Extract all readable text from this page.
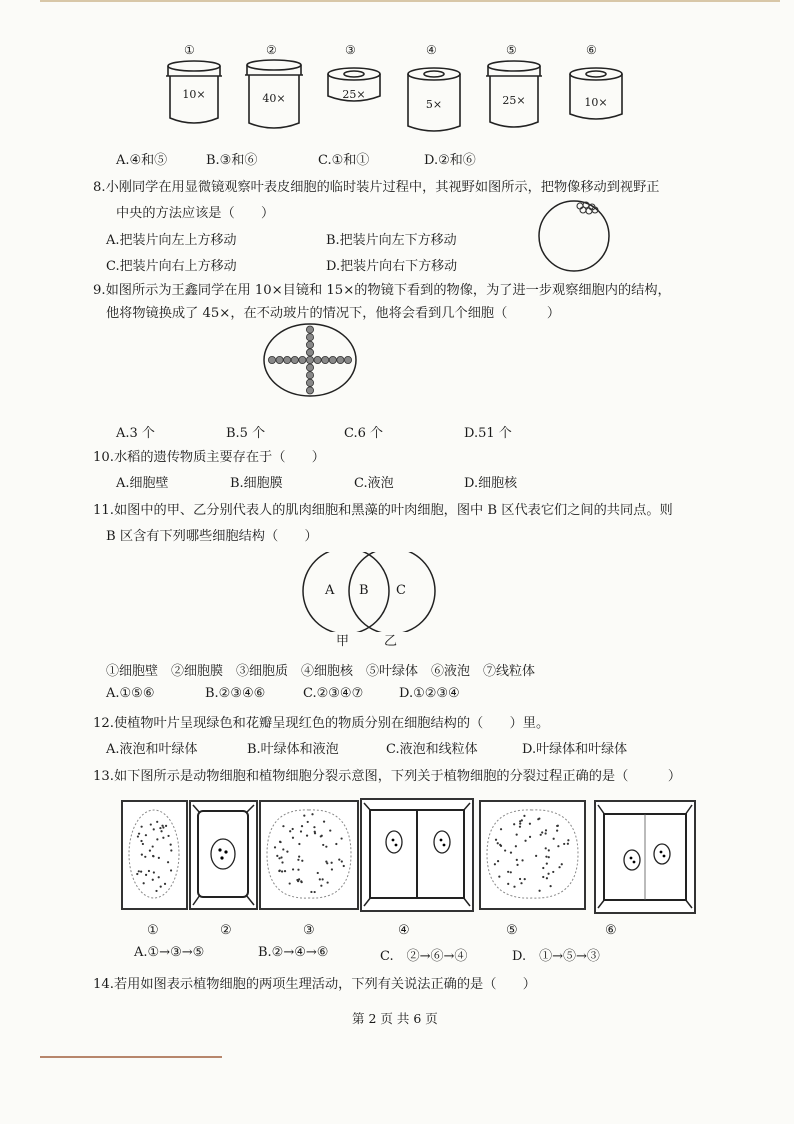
①	②	③	④	⑤	⑥
10×	40×	25×
5×	25×	10×
A.④和⑤	B.③和⑥	C.①和①	D.②和⑥
8.小刚同学在用显微镜观察叶表皮细胞的临时装片过程中，其视野如图所示，把物像移动到视野正
中央的方法应该是（　　）
A.把装片向左上方移动	B.把装片向左下方移动
C.把装片向右上方移动	D.把装片向右下方移动
9.如图所示为王鑫同学在用 10×目镜和 15×的物镜下看到的物像，为了进一步观察细胞内的结构，
他将物镜换成了 45×，在不动玻片的情况下，他将会看到几个细胞（　　　）
A.3 个	B.5 个	C.6 个	D.51 个
10.水稻的遗传物质主要存在于（　　）
A.细胞壁	B.细胞膜	C.液泡	D.细胞核
11.如图中的甲、乙分别代表人的肌肉细胞和黑藻的叶肉细胞，图中 B 区代表它们之间的共同点。则
B 区含有下列哪些细胞结构（　　）
A B C
甲	乙
①细胞壁　②细胞膜　③细胞质　④细胞核　⑤叶绿体　⑥液泡　⑦线粒体
A.①⑤⑥	B.②③④⑥	C.②③④⑦	D.①②③④
12.使植物叶片呈现绿色和花瓣呈现红色的物质分别在细胞结构的（　　）里。
A.液泡和叶绿体	B.叶绿体和液泡	C.液泡和线粒体	D.叶绿体和叶绿体
13.如下图所示是动物细胞和植物细胞分裂示意图，下列关于植物细胞的分裂过程正确的是（　　　）
①	②	③	④	⑤	⑥
A.①→③→⑤	B.②→④→⑥	C.　②→⑥→④	D.　①→⑤→③
14.若用如图表示植物细胞的两项生理活动，下列有关说法正确的是（　　）
第 2 页 共 6 页
